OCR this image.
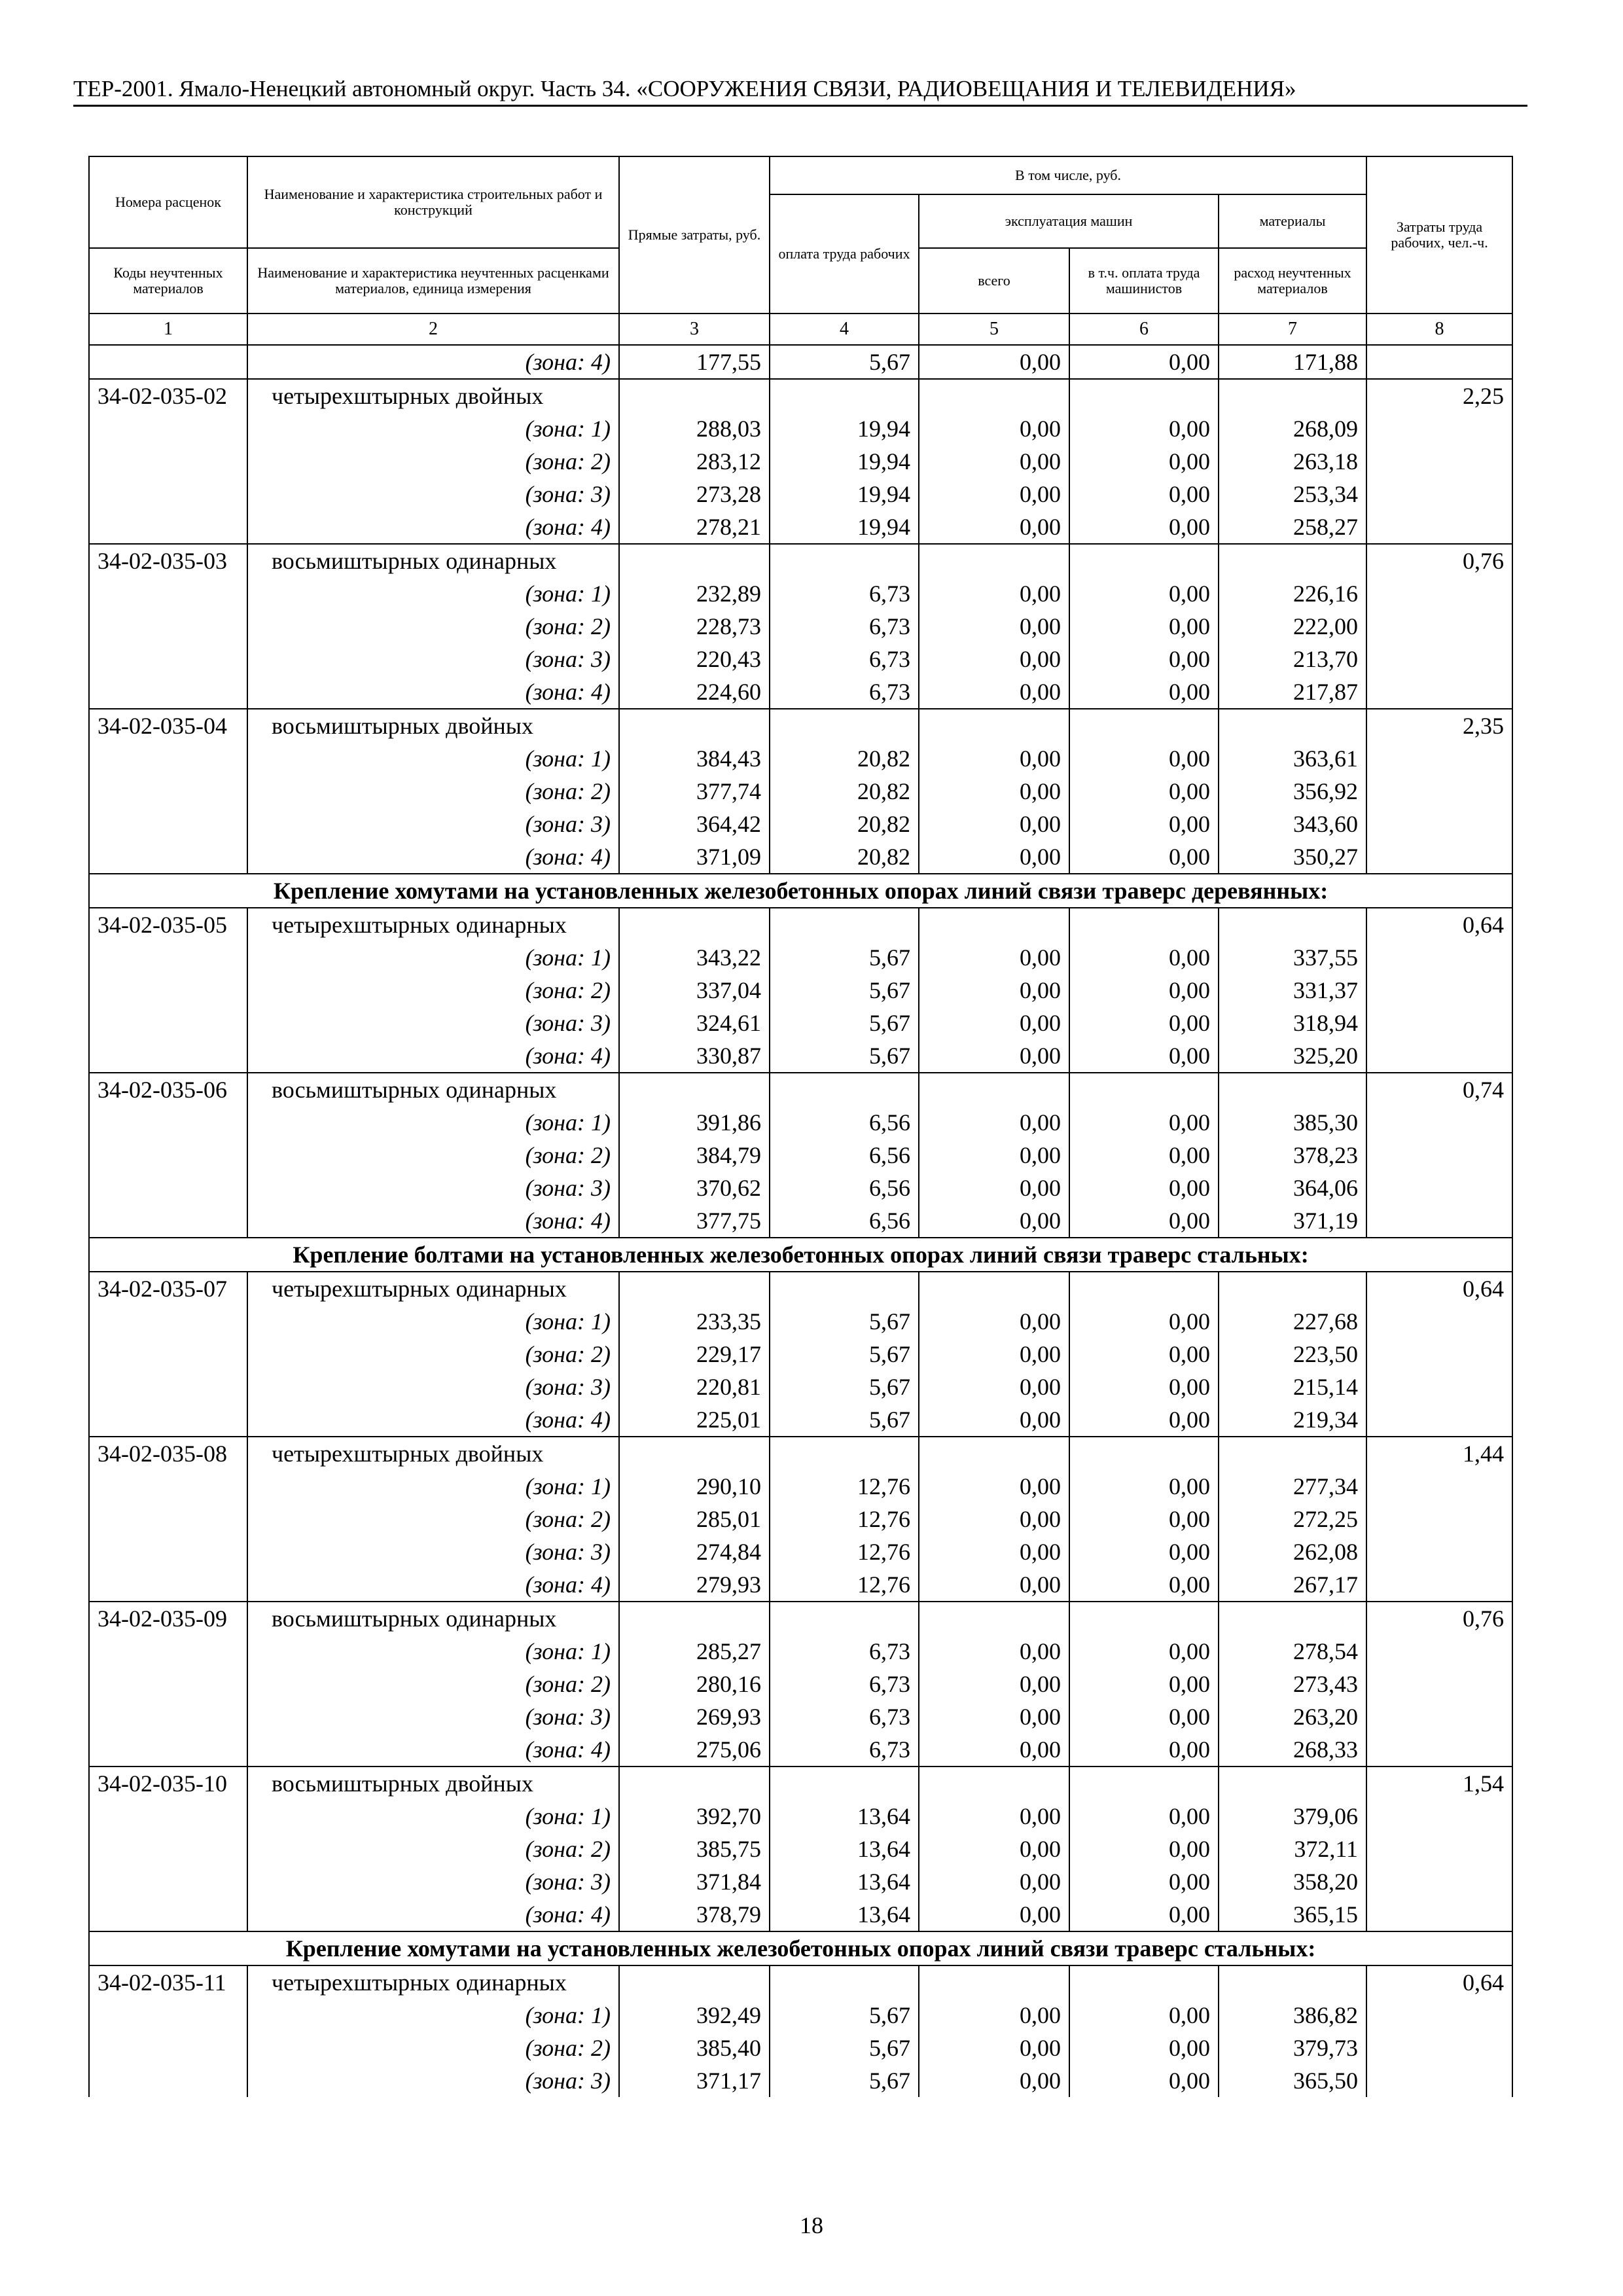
ТЕР-2001. Ямало-Ненецкий автономный округ. Часть 34. «СООРУЖЕНИЯ СВЯЗИ, РАДИОВЕЩАНИЯ И ТЕЛЕВИДЕНИЯ»
Номера расценок	Наименование и характеристика строительных работ и конструкций	Прямые затраты, руб.	В том числе, руб.				Затраты труда рабочих, чел.-ч.
			оплата труда рабочих	эксплуатация машин		материалы	
Коды неучтенных материалов	Наименование и характеристика неучтенных расценками материалов, единица измерения			всего	в т.ч. оплата труда машинистов	расход неучтенных материалов	
1	2	3	4	5	6	7	8
	(зона: 4)	177,55	5,67	0,00	0,00	171,88	
34-02-035-02	четырехштырных двойных						2,25
	(зона: 1)	288,03	19,94	0,00	0,00	268,09	
	(зона: 2)	283,12	19,94	0,00	0,00	263,18	
	(зона: 3)	273,28	19,94	0,00	0,00	253,34	
	(зона: 4)	278,21	19,94	0,00	0,00	258,27	
34-02-035-03	восьмиштырных одинарных						0,76
	(зона: 1)	232,89	6,73	0,00	0,00	226,16	
	(зона: 2)	228,73	6,73	0,00	0,00	222,00	
	(зона: 3)	220,43	6,73	0,00	0,00	213,70	
	(зона: 4)	224,60	6,73	0,00	0,00	217,87	
34-02-035-04	восьмиштырных двойных						2,35
	(зона: 1)	384,43	20,82	0,00	0,00	363,61	
	(зона: 2)	377,74	20,82	0,00	0,00	356,92	
	(зона: 3)	364,42	20,82	0,00	0,00	343,60	
	(зона: 4)	371,09	20,82	0,00	0,00	350,27	
Крепление хомутами на установленных железобетонных опорах линий связи траверс деревянных:							
34-02-035-05	четырехштырных одинарных						0,64
	(зона: 1)	343,22	5,67	0,00	0,00	337,55	
	(зона: 2)	337,04	5,67	0,00	0,00	331,37	
	(зона: 3)	324,61	5,67	0,00	0,00	318,94	
	(зона: 4)	330,87	5,67	0,00	0,00	325,20	
34-02-035-06	восьмиштырных одинарных						0,74
	(зона: 1)	391,86	6,56	0,00	0,00	385,30	
	(зона: 2)	384,79	6,56	0,00	0,00	378,23	
	(зона: 3)	370,62	6,56	0,00	0,00	364,06	
	(зона: 4)	377,75	6,56	0,00	0,00	371,19	
Крепление болтами на установленных железобетонных опорах линий связи траверс стальных:							
34-02-035-07	четырехштырных одинарных						0,64
	(зона: 1)	233,35	5,67	0,00	0,00	227,68	
	(зона: 2)	229,17	5,67	0,00	0,00	223,50	
	(зона: 3)	220,81	5,67	0,00	0,00	215,14	
	(зона: 4)	225,01	5,67	0,00	0,00	219,34	
34-02-035-08	четырехштырных двойных						1,44
	(зона: 1)	290,10	12,76	0,00	0,00	277,34	
	(зона: 2)	285,01	12,76	0,00	0,00	272,25	
	(зона: 3)	274,84	12,76	0,00	0,00	262,08	
	(зона: 4)	279,93	12,76	0,00	0,00	267,17	
34-02-035-09	восьмиштырных одинарных						0,76
	(зона: 1)	285,27	6,73	0,00	0,00	278,54	
	(зона: 2)	280,16	6,73	0,00	0,00	273,43	
	(зона: 3)	269,93	6,73	0,00	0,00	263,20	
	(зона: 4)	275,06	6,73	0,00	0,00	268,33	
34-02-035-10	восьмиштырных двойных						1,54
	(зона: 1)	392,70	13,64	0,00	0,00	379,06	
	(зона: 2)	385,75	13,64	0,00	0,00	372,11	
	(зона: 3)	371,84	13,64	0,00	0,00	358,20	
	(зона: 4)	378,79	13,64	0,00	0,00	365,15	
Крепление хомутами на установленных железобетонных опорах линий связи траверс стальных:							
34-02-035-11	четырехштырных одинарных						0,64
	(зона: 1)	392,49	5,67	0,00	0,00	386,82	
	(зона: 2)	385,40	5,67	0,00	0,00	379,73	
	(зона: 3)	371,17	5,67	0,00	0,00	365,50	
18
